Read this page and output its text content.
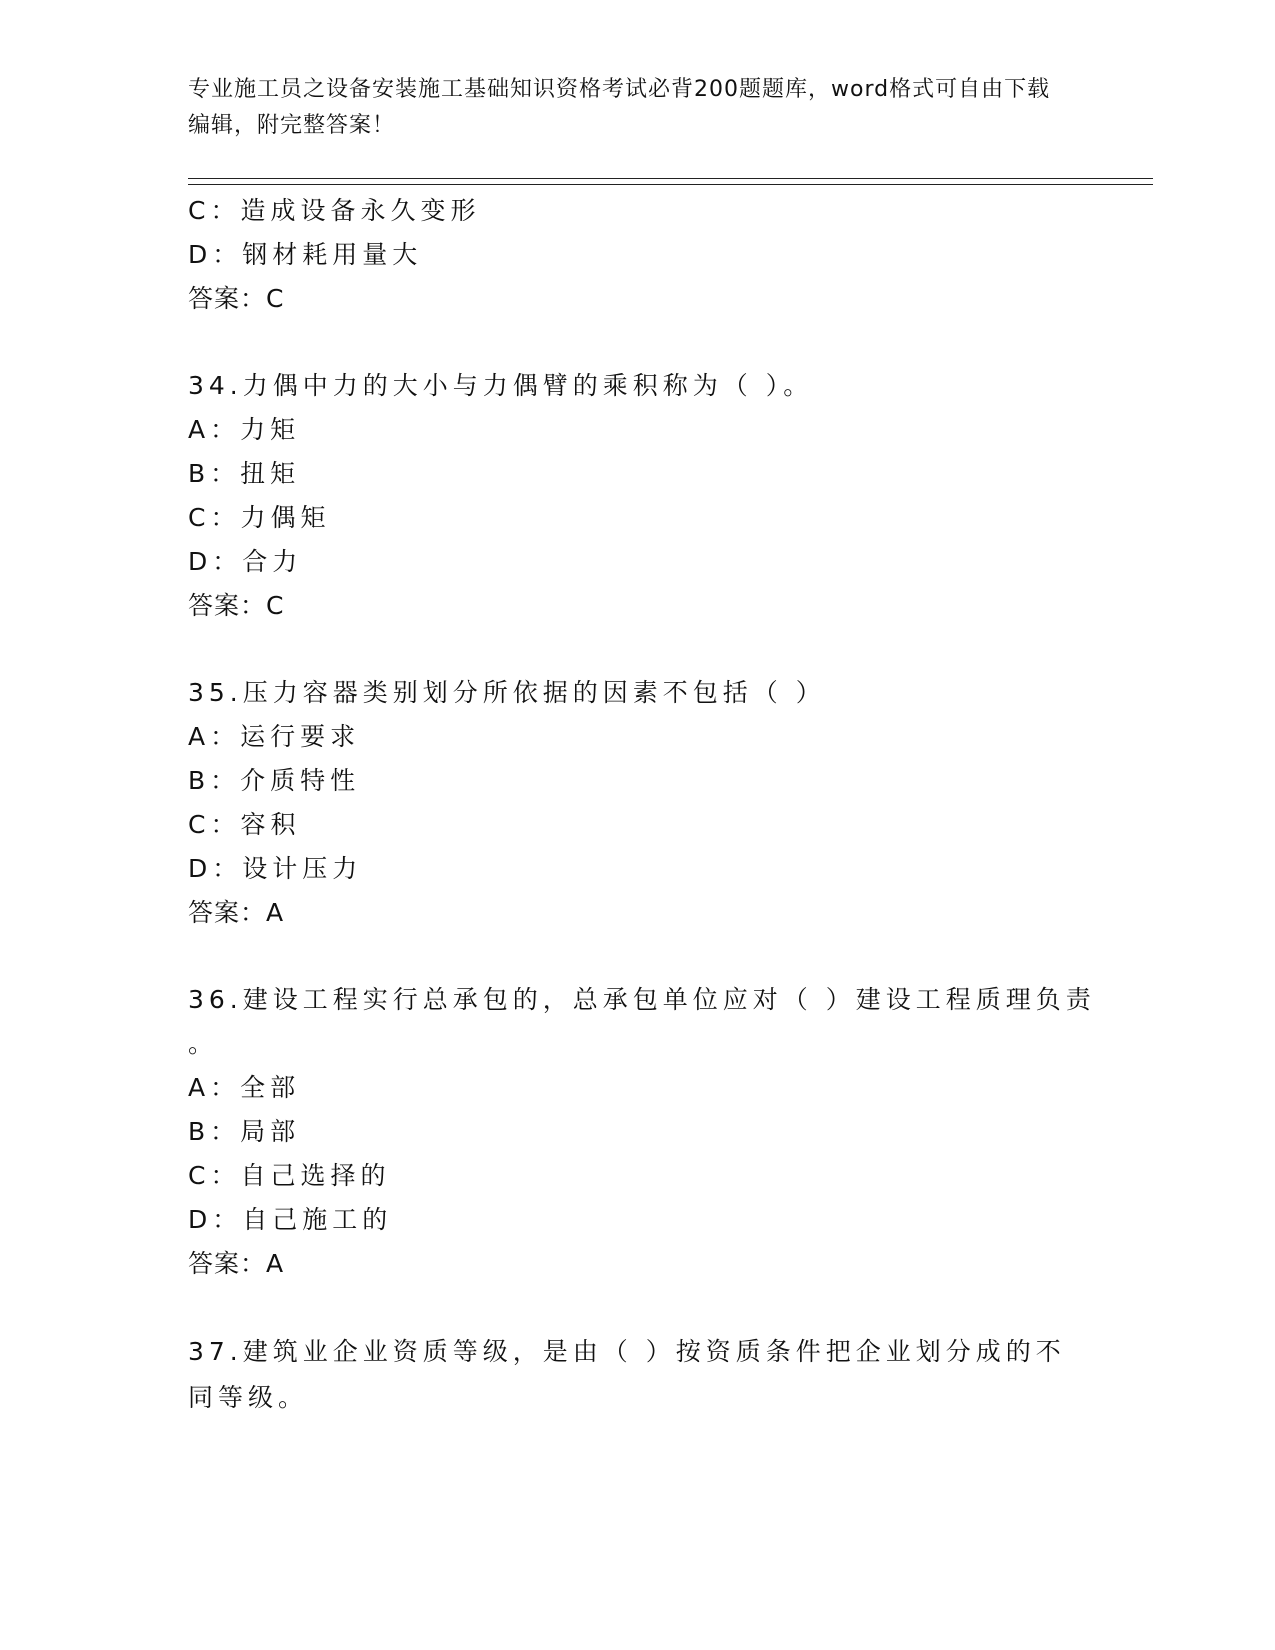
专业施工员之设备安装施工基础知识资格考试必背200题题库，word格式可自由下载编辑，附完整答案！
C：造成设备永久变形
D：钢材耗用量大
答案：C
34.力偶中力的大小与力偶臂的乘积称为（ ）。
A：力矩
B：扭矩
C：力偶矩
D：合力
答案：C
35.压力容器类别划分所依据的因素不包括（ ）
A：运行要求
B：介质特性
C：容积
D：设计压力
答案：A
36.建设工程实行总承包的，总承包单位应对（ ）建设工程质理负责
。
A：全部
B：局部
C：自己选择的
D：自己施工的
答案：A
37.建筑业企业资质等级，是由（ ）按资质条件把企业划分成的不同等级。
